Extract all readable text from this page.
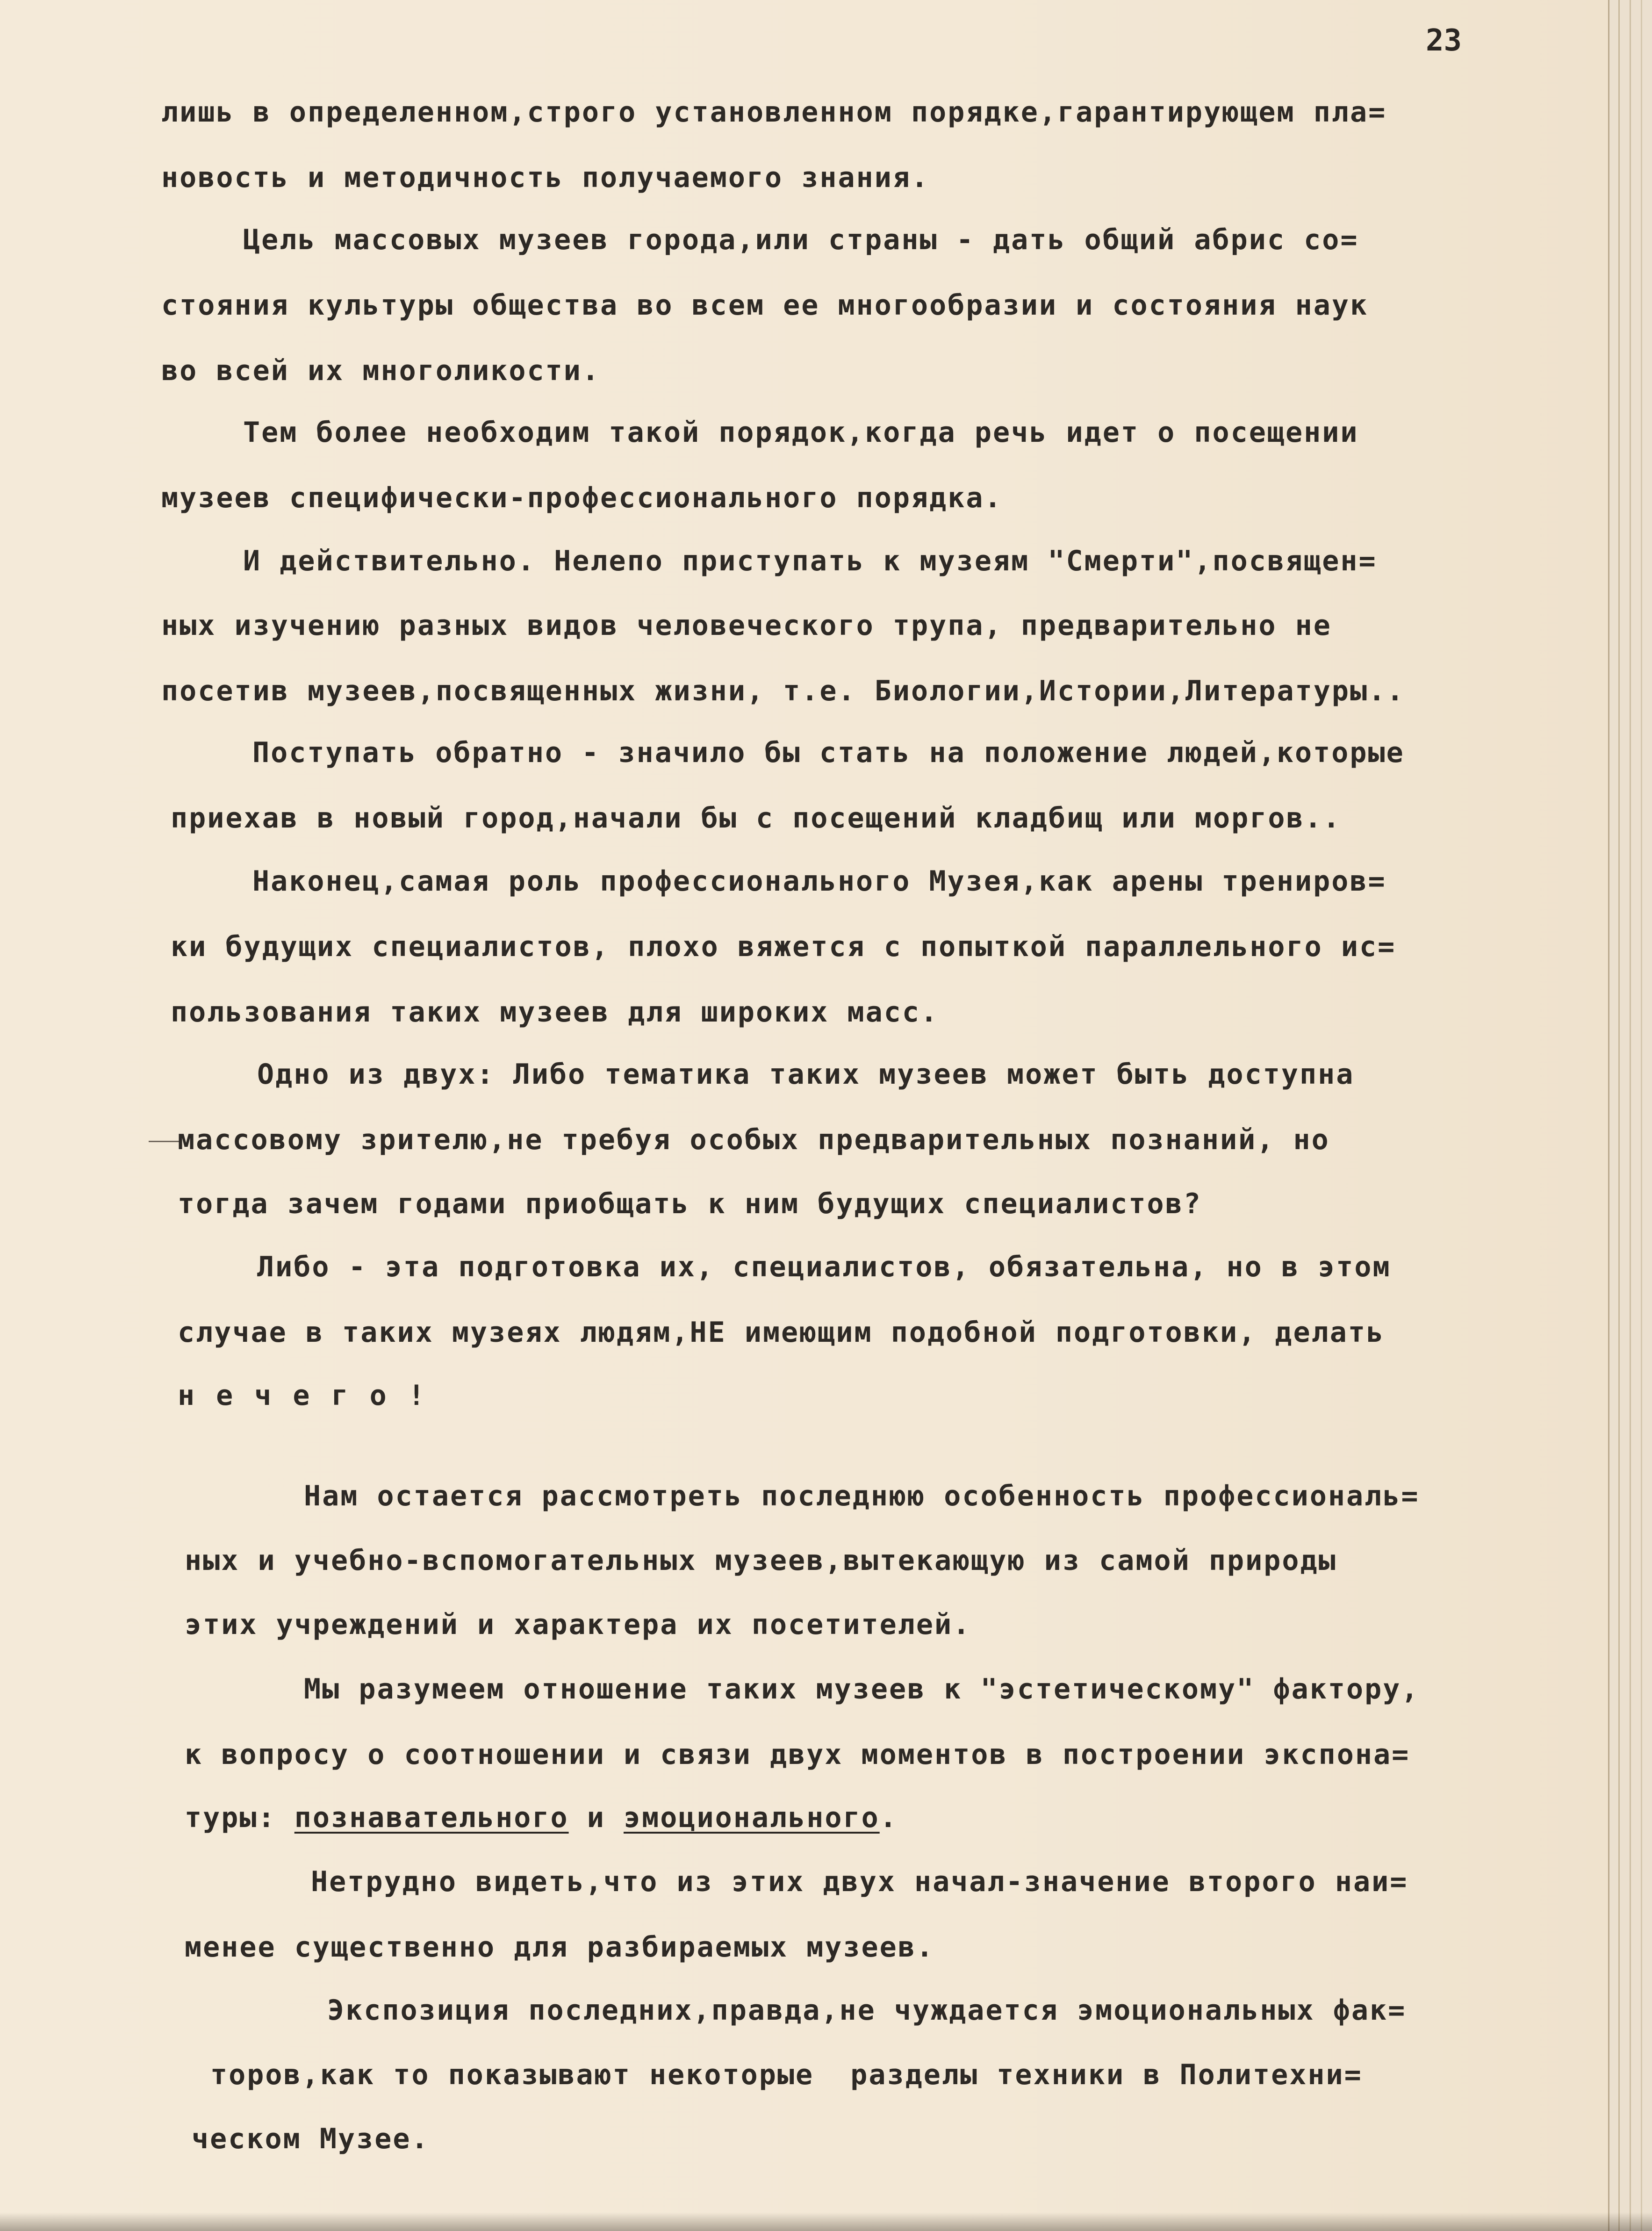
23
лишь в определенном,строго установленном порядке,гарантирующем пла=
новость и методичность получаемого знания.
Цель массовых музеев города,или страны - дать общий абрис со=
стояния культуры общества во всем ее многообразии и состояния наук
во всей их многоликости.
Тем более необходим такой порядок,когда речь идет о посещении
музеев специфически-профессионального порядка.
И действительно. Нелепо приступать к музеям "Смерти",посвящен=
ных изучению разных видов человеческого трупа, предварительно не
посетив музеев,посвященных жизни, т.е. Биологии,Истории,Литературы..
Поступать обратно - значило бы стать на положение людей,которые
приехав в новый город,начали бы с посещений кладбищ или моргов..
Наконец,самая роль профессионального Музея,как арены трениров=
ки будущих специалистов, плохо вяжется с попыткой параллельного ис=
пользования таких музеев для широких масс.
Одно из двух: Либо тематика таких музеев может быть доступна
массовому зрителю,не требуя особых предварительных познаний, но
тогда зачем годами приобщать к ним будущих специалистов?
Либо - эта подготовка их, специалистов, обязательна, но в этом
случае в таких музеях людям,НЕ имеющим подобной подготовки, делать
нечего!
Нам остается рассмотреть последнюю особенность профессиональ=
ных и учебно-вспомогательных музеев,вытекающую из самой природы
этих учреждений и характера их посетителей.
Мы разумеем отношение таких музеев к "эстетическому" фактору,
к вопросу о соотношении и связи двух моментов в построении экспона=
туры: познавательного и эмоционального.
Нетрудно видеть,что из этих двух начал-значение второго наи=
менее существенно для разбираемых музеев.
Экспозиция последних,правда,не чуждается эмоциональных фак=
торов,как то показывают некоторые  разделы техники в Политехни=
ческом Музее.
